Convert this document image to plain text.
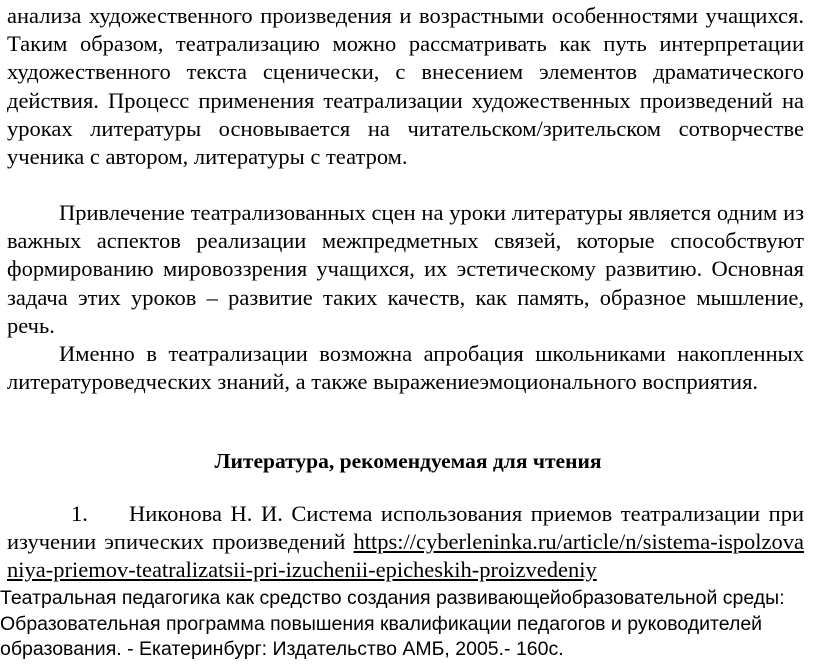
анализа художественного произведения и возрастными особенностями учащихся. Таким образом, театрализацию можно рассматривать как путь интерпретации художественного текста сценически, с внесением элементов драматического действия. Процесс применения театрализации художественных произведений на уроках литературы основывается на читательском/зрительском сотворчестве ученика с автором, литературы с театром.

Привлечение театрализованных сцен на уроки литературы является одним из важных аспектов реализации межпредметных связей, которые способствуют формированию мировоззрения учащихся, их эстетическому развитию. Основная задача этих уроков – развитие таких качеств, как память, образное мышление, речь.

Именно в театрализации возможна апробация школьниками накопленных литературоведческих знаний, а также выражениеэмоционального восприятия.

Литература, рекомендуемая для чтения

1. Никонова Н. И. Система использования приемов театрализации при изучении эпических произведений https://cyberleninka.ru/article/n/sistema-ispolzovaniya-priemov-teatralizatsii-pri-izuchenii-epicheskih-proizvedeniy

Театральная педагогика как средство создания развивающейобразовательной среды: Образовательная программа повышения квалификации педагогов и руководителей образования. - Екатеринбург: Издательство АМБ, 2005.- 160с.
